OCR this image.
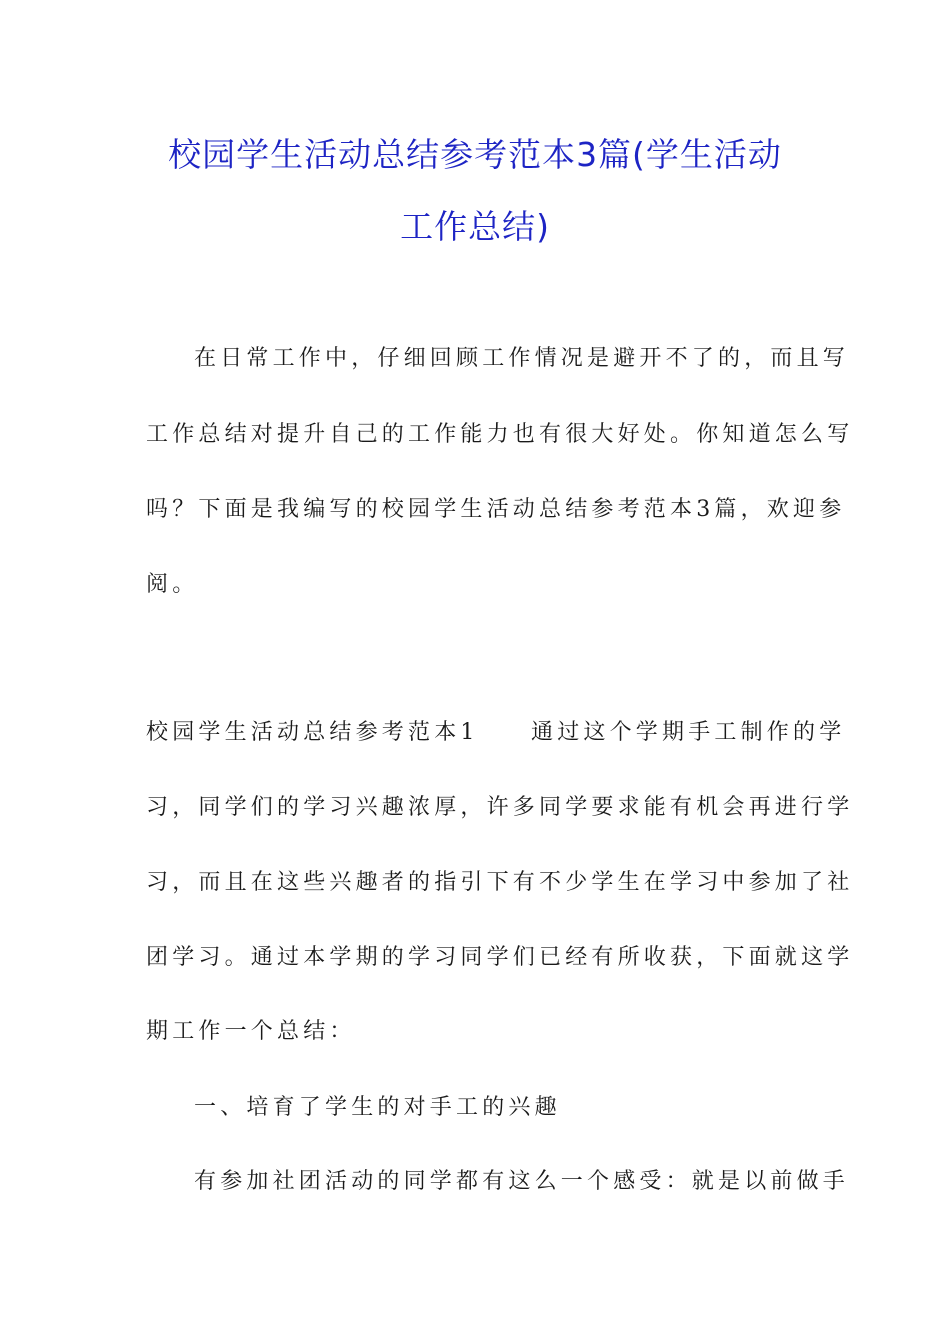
校园学生活动总结参考范本3篇(学生活动
工作总结)
在日常工作中，仔细回顾工作情况是避开不了的，而且写
工作总结对提升自己的工作能力也有很大好处。你知道怎么写
吗？下面是我编写的校园学生活动总结参考范本3篇，欢迎参
阅。
校园学生活动总结参考范本1　　通过这个学期手工制作的学
习，同学们的学习兴趣浓厚，许多同学要求能有机会再进行学
习，而且在这些兴趣者的指引下有不少学生在学习中参加了社
团学习。通过本学期的学习同学们已经有所收获，下面就这学
期工作一个总结：
一、培育了学生的对手工的兴趣
有参加社团活动的同学都有这么一个感受：就是以前做手
